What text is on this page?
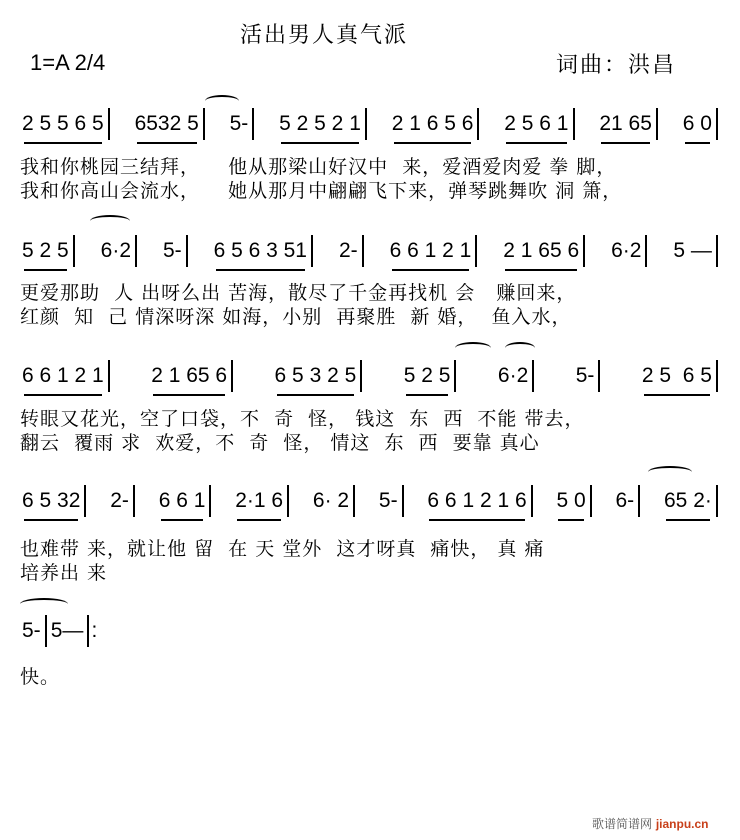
活出男人真气派
1=A 2/4	词曲：洪昌
2 5 5 6 5 6532 5 5- 5 2 5 2 1 2 1 6 5 6 2 5 6 1 21 65 6 0
我和你桃园三结拜，    他从那梁山好汉中  来，爱酒爱肉爱 拳 脚，
我和你高山会流水，    她从那月中翩翩飞下来，弹琴跳舞吹 洞 箫，
5 2 5 6·2 5- 6 5 6 3 51 2- 6 6 1 2 1 2 1 65 6 6·2 5 —
更爱那助  人 出呀么出 苦海，散尽了千金再找机 会   赚回来，
红颜  知  己 情深呀深 如海，小别  再聚胜  新 婚，  鱼入水，
6 6 1 2 1 2 1 65 6 6 5 3 2 5 5 2 5 6·2 5- 2 5  6 5
转眼又花光，空了口袋，不  奇  怪， 钱这  东  西  不能 带去，
翻云  覆雨 求  欢爱，不  奇  怪， 情这  东  西  要靠 真心
6 5 32 2- 6 6 1 2·1 6 6· 2 5- 6 6 1 2 1 6 5 0 6- 65 2·
也难带 来，就让他 留  在 天 堂外  这才呀真  痛快， 真 痛
培养出 来
5- 5— :
快。
歌谱简谱网 jianpu.cn
